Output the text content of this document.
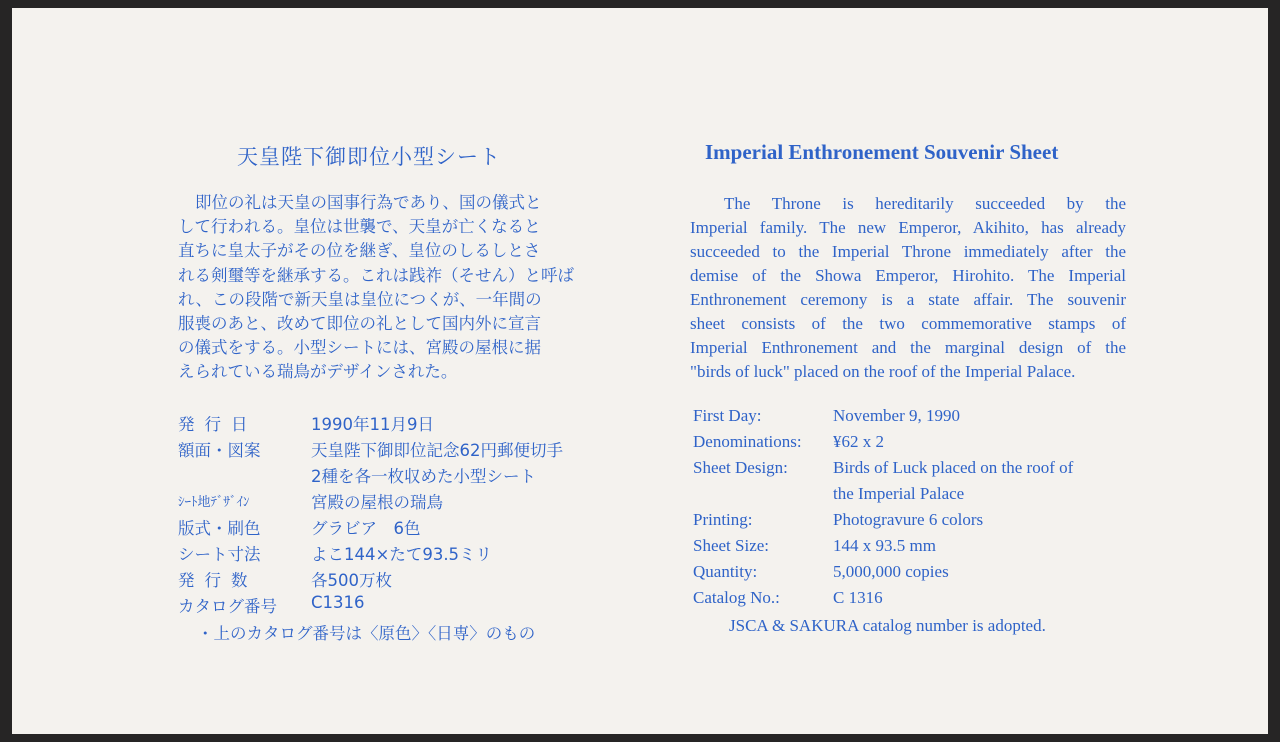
天皇陛下御即位小型シート
即位の礼は天皇の国事行為であり、国の儀式と
して行われる。皇位は世襲で、天皇が亡くなると
直ちに皇太子がその位を継ぎ、皇位のしるしとさ
れる剣璽等を継承する。これは践祚（そせん）と呼ば
れ、この段階で新天皇は皇位につくが、一年間の
服喪のあと、改めて即位の礼として国内外に宣言
の儀式をする。小型シートには、宮殿の屋根に据
えられている瑞鳥がデザインされた。
発行日	1990年11月9日
額面・図案	天皇陛下御即位記念62円郵便切手
2種を各一枚収めた小型シート
ｼｰﾄ地ﾃﾞｻﾞｲﾝ	宮殿の屋根の瑞鳥
版式・刷色	グラビア　6色
シート寸法	よこ144×たて93.5ミリ
発行数	各500万枚
カタログ番号 C1316
・上のカタログ番号は〈原色〉〈日専〉のもの
Imperial Enthronement Souvenir Sheet
The Throne is hereditarily succeeded by the
Imperial family. The new Emperor, Akihito, has already
succeeded to the Imperial Throne immediately after the
demise of the Showa Emperor, Hirohito. The Imperial
Enthronement ceremony is a state affair. The souvenir
sheet consists of the two commemorative stamps of
Imperial Enthronement and the marginal design of the
"birds of luck" placed on the roof of the Imperial Palace.
First Day:	November 9, 1990
Denominations: ¥62 x 2
Sheet Design:	Birds of Luck placed on the roof of
the Imperial Palace
Printing:	Photogravure 6 colors
Sheet Size:	144 x 93.5 mm
Quantity:	5,000,000 copies
Catalog No.:	C 1316
JSCA & SAKURA catalog number is adopted.
